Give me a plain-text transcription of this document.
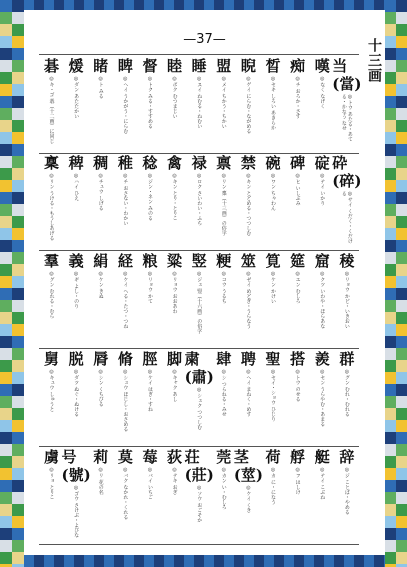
—37—	十三画
当(當)
◎トウ あたる・あてる・かなう なせ
嘆
◎なく なげく
痴
◎チ おろか・さす
晳
◎セキ しろい あきらか
睨
◎ゲイ にらむ・ながめる
盟
◎メイ ちかう・ちかい
睡
◎スイ ねむる・ねむい
睦
◎ボク むつまじい
督
◎トク みる・すすめる
睥
◎ヘイ うかがう・にらむ
睹
◎ト みる
煖
◎ダン あたたかい
碁
◎キ・ゴ 碁（十二画）に同じ
砕(碎)
◎サイ くだく・くだける
碇
◎テイ いかり
碑
◎ヒ いしぶみ
碗
◎ワン ちゃわん
禁
◎キン とどめる・つつしむ
禀
◎リン 稟（十三画）の俗字
禄
◎ロク さいわい・ふち
禽
◎キン とり・とりこ
稔
◎ジン・ネン みのる
稚
◎チ おさない・わかい
稠
◎チュウ しげる
稗
◎ハイ ひえ
稟
◎リン うける・もうしあげる
稜
◎リョウ かど・いきおい
窟
◎クツ いわや・ほらあな
筵
◎エン むしろ
筧
◎ケン かけい
筮
◎ゼイ めどぎ・うらなう
粳
◎コウ うるち
竪
◎ジュ 豎（十六画）の俗字
粱
◎リョウ おおあわ
粮
◎リョウ かて
経
◎ケイ へる・たつ・つね
絹
◎ケン きぬ
義
◎ギ よし・のり
羣
◎グン むれる・むら
群
◎グン むれ・むれる
羨
◎セン うらやむ・あまる
搭
◎トウ のせる
聖
◎セイ・ショウ ひじり
聘
◎ヘイ まねく・めす
肆
◎シ つらねる・みせ
粛(肅)
◎シュク つつしむ
脚
◎キャク あし
脛
◎ケイ はぎ・すね
脩
◎シュウ ほじし・おさめる
脣
◎シン くちびる
脱
◎ダツ ぬぐ・ぬける
舅
◎キュウ しゅうと
辞
◎ジ ことば・やめる
艇
◎テイ こぶね
艀
◎フ はしけ
荷
◎カ に・になう
茎(莖)
◎ケイ くき
莞
◎カン い・むしろ
荘(莊)
◎ソウ おごそか
荻
◎テキ おぎ
莓
◎バイ いちご
莫
◎バク なかれ・くれる
莉
◎リ 花の名
号(號)
◎ゴウ さけぶ・よびな
虜
◎リョ とりこ
